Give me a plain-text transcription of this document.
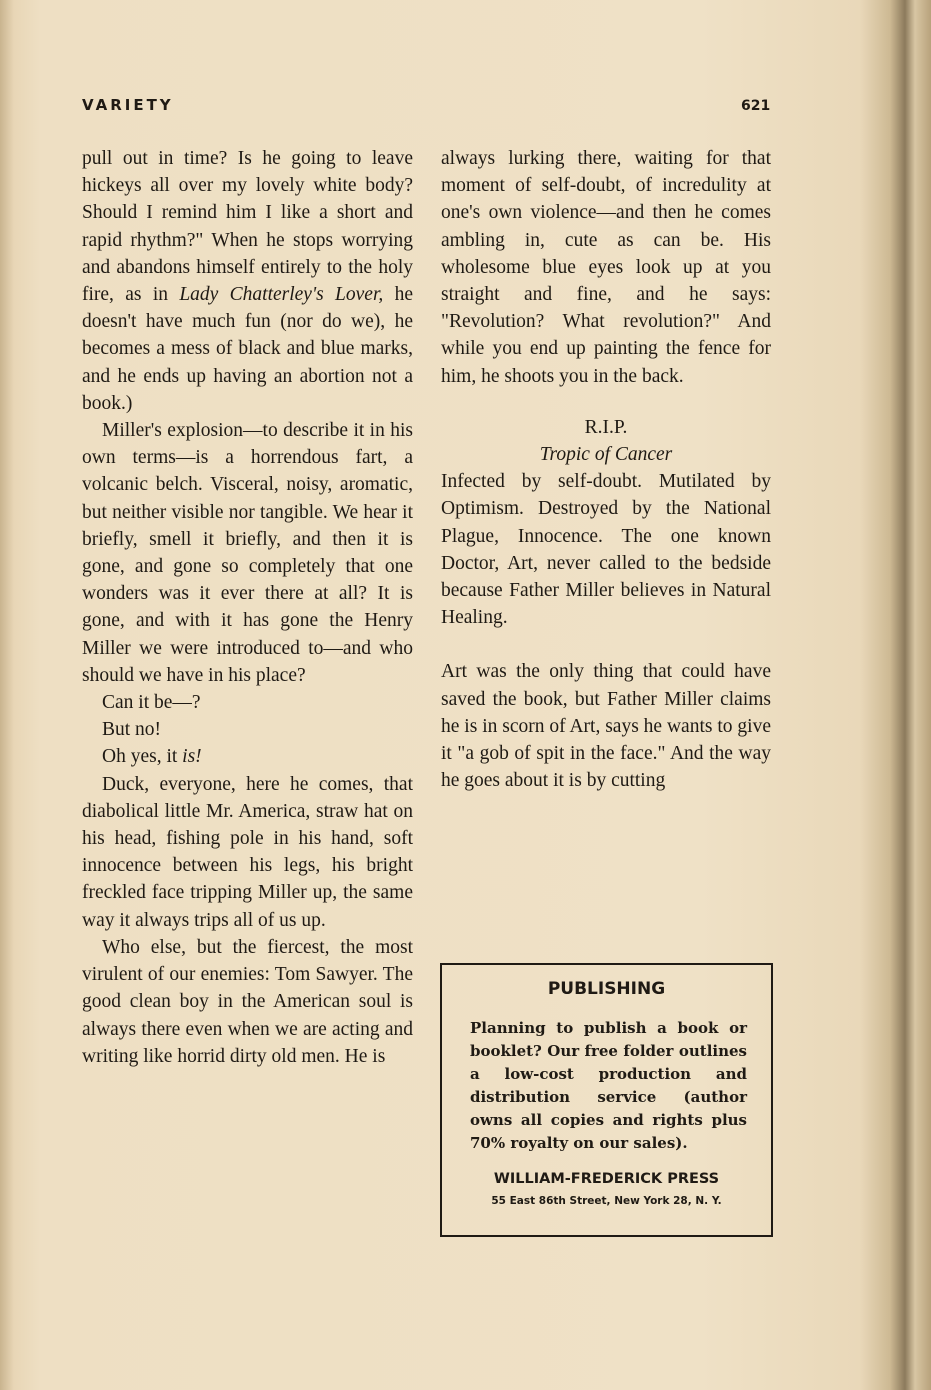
VARIETY	621

pull out in time? Is he going to leave hickeys all over my lovely white body? Should I remind him I like a short and rapid rhythm?" When he stops worrying and abandons himself entirely to the holy fire, as in Lady Chatterley's Lover, he doesn't have much fun (nor do we), he becomes a mess of black and blue marks, and he ends up having an abortion not a book.)

Miller's explosion—to describe it in his own terms—is a horrendous fart, a volcanic belch. Visceral, noisy, aromatic, but neither visible nor tangible. We hear it briefly, smell it briefly, and then it is gone, and gone so completely that one wonders was it ever there at all? It is gone, and with it has gone the Henry Miller we were introduced to—and who should we have in his place?

Can it be—?

But no!

Oh yes, it is!

Duck, everyone, here he comes, that diabolical little Mr. America, straw hat on his head, fishing pole in his hand, soft innocence between his legs, his bright freckled face tripping Miller up, the same way it always trips all of us up.

Who else, but the fiercest, the most virulent of our enemies: Tom Sawyer. The good clean boy in the American soul is always there even when we are acting and writing like horrid dirty old men. He is

always lurking there, waiting for that moment of self-doubt, of incredulity at one's own violence—and then he comes ambling in, cute as can be. His wholesome blue eyes look up at you straight and fine, and he says: "Revolution? What revolution?" And while you end up painting the fence for him, he shoots you in the back.

R.I.P.

Tropic of Cancer

Infected by self-doubt. Mutilated by Optimism. Destroyed by the National Plague, Innocence. The one known Doctor, Art, never called to the bedside because Father Miller believes in Natural Healing.

Art was the only thing that could have saved the book, but Father Miller claims he is in scorn of Art, says he wants to give it "a gob of spit in the face." And the way he goes about it is by cutting

PUBLISHING
Planning to publish a book or booklet? Our free folder outlines a low-cost production and distribution service (author owns all copies and rights plus 70% royalty on our sales).
WILLIAM-FREDERICK PRESS
55 East 86th Street, New York 28, N. Y.
